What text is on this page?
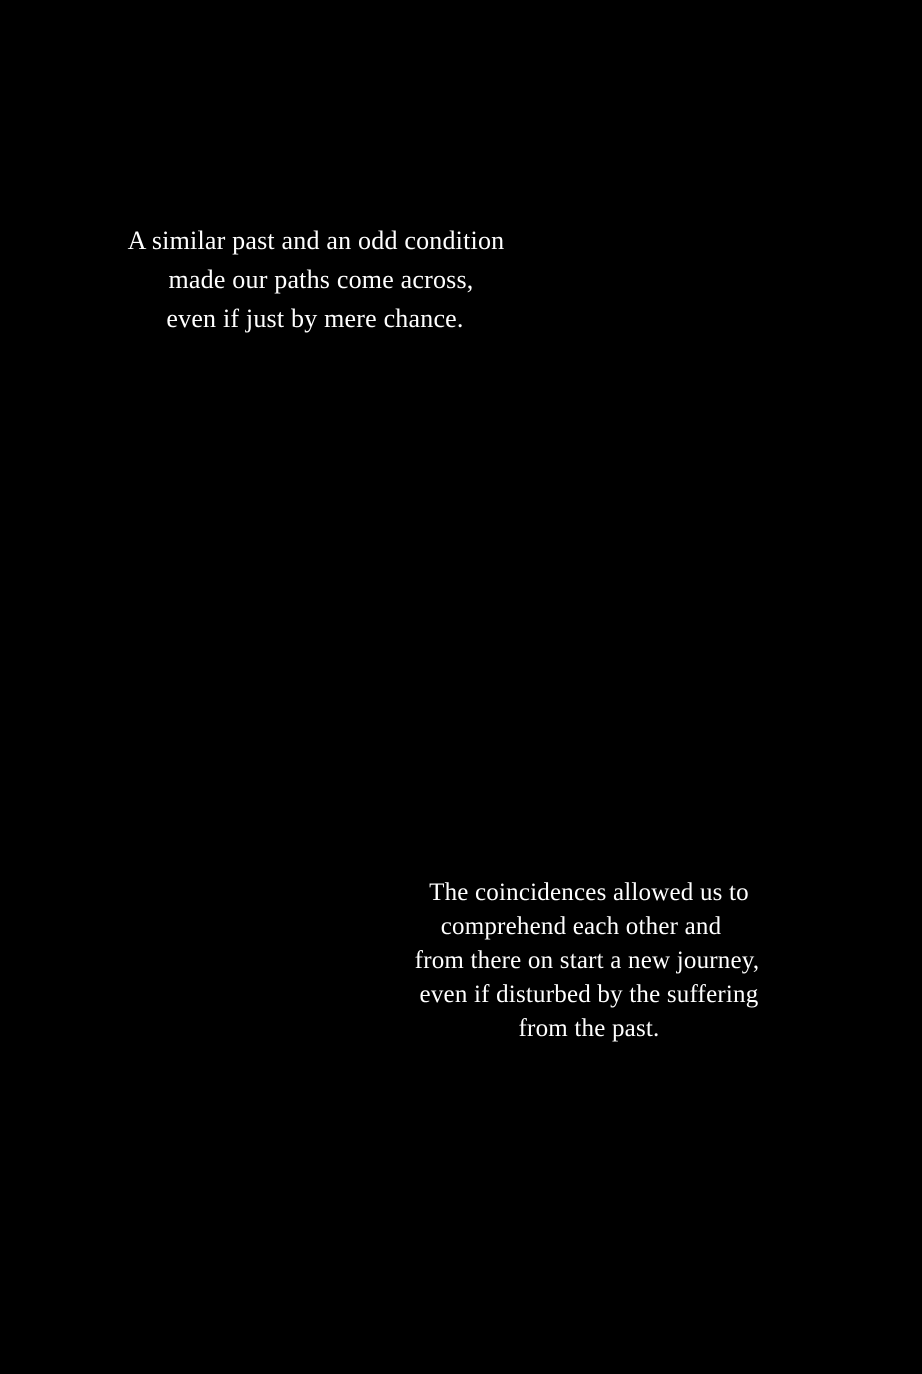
A similar past and an odd condition
made our paths come across,
even if just by mere chance.
The coincidences allowed us to
comprehend each other and
from there on start a new journey,
even if disturbed by the suffering
from the past.
